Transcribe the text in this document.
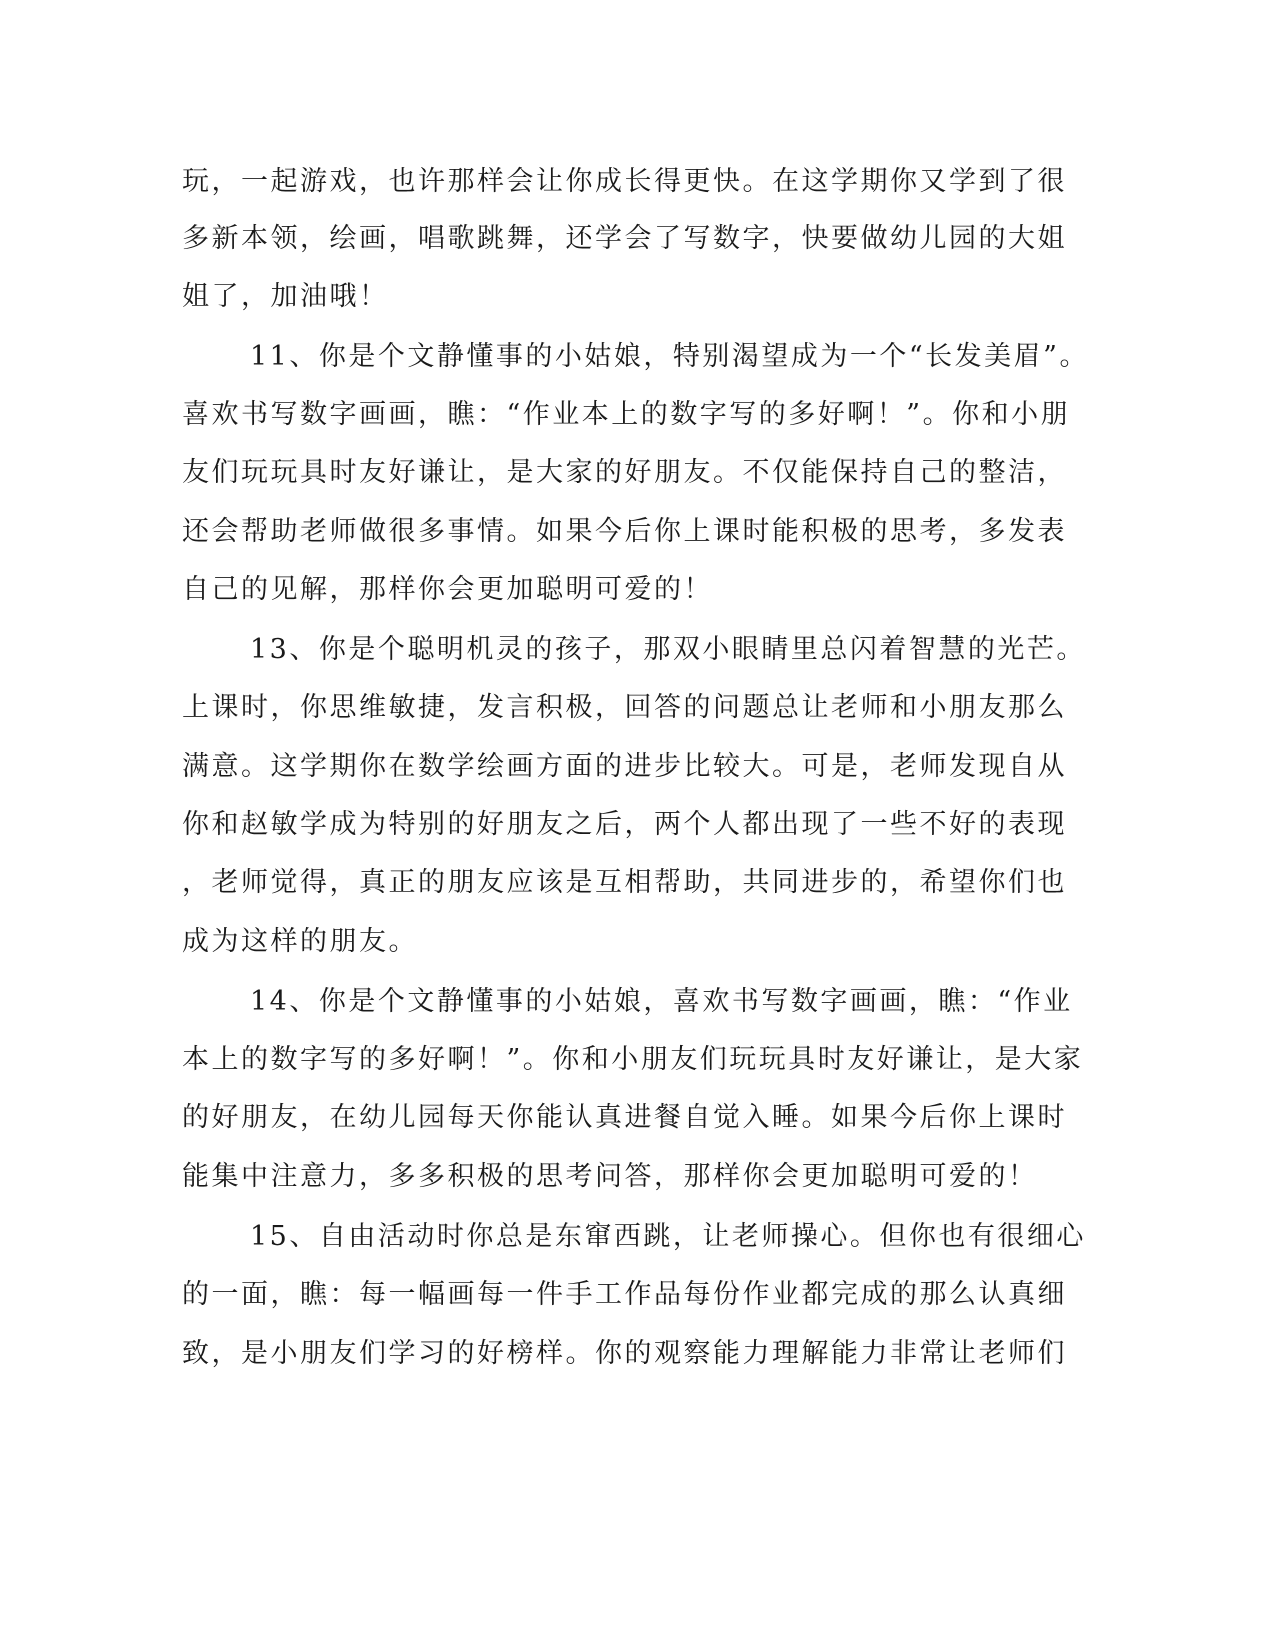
玩，一起游戏，也许那样会让你成长得更快。在这学期你又学到了很
多新本领，绘画，唱歌跳舞，还学会了写数字，快要做幼儿园的大姐
姐了，加油哦！
11、你是个文静懂事的小姑娘，特别渴望成为一个“长发美眉”。
喜欢书写数字画画，瞧：“作业本上的数字写的多好啊！”。你和小朋
友们玩玩具时友好谦让，是大家的好朋友。不仅能保持自己的整洁，
还会帮助老师做很多事情。如果今后你上课时能积极的思考，多发表
自己的见解，那样你会更加聪明可爱的！
13、你是个聪明机灵的孩子，那双小眼睛里总闪着智慧的光芒。
上课时，你思维敏捷，发言积极，回答的问题总让老师和小朋友那么
满意。这学期你在数学绘画方面的进步比较大。可是，老师发现自从
你和赵敏学成为特别的好朋友之后，两个人都出现了一些不好的表现
，老师觉得，真正的朋友应该是互相帮助，共同进步的，希望你们也
成为这样的朋友。
14、你是个文静懂事的小姑娘，喜欢书写数字画画，瞧：“作业
本上的数字写的多好啊！”。你和小朋友们玩玩具时友好谦让，是大家
的好朋友，在幼儿园每天你能认真进餐自觉入睡。如果今后你上课时
能集中注意力，多多积极的思考问答，那样你会更加聪明可爱的！
15、自由活动时你总是东窜西跳，让老师操心。但你也有很细心
的一面，瞧：每一幅画每一件手工作品每份作业都完成的那么认真细
致，是小朋友们学习的好榜样。你的观察能力理解能力非常让老师们
